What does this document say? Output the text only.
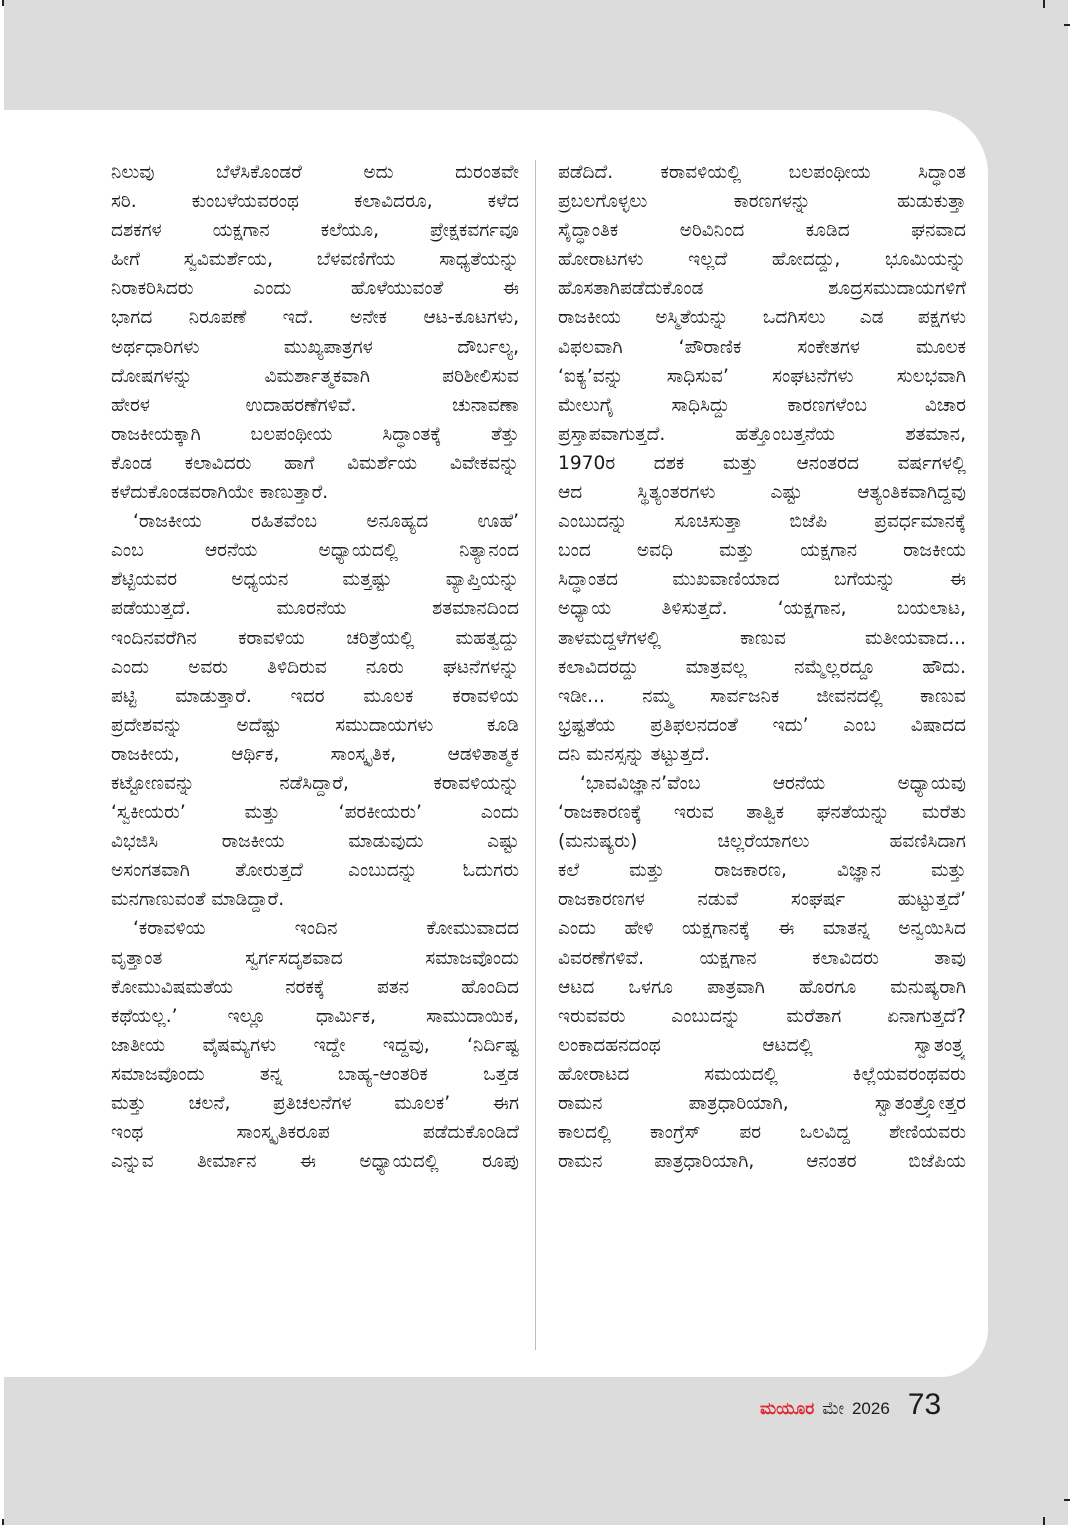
ನಿಲುವು ಬೆಳೆಸಿಕೊಂಡರೆ ಅದು ದುರಂತವೇ
ಸರಿ. ಕುಂಬಳೆಯವರಂಥ ಕಲಾವಿದರೂ, ಕಳೆದ
ದಶಕಗಳ ಯಕ್ಷಗಾನ ಕಲೆಯೂ, ಪ್ರೇಕ್ಷಕವರ್ಗವೂ
ಹೀಗೆ ಸ್ವವಿಮರ್ಶೆಯ, ಬೆಳವಣಿಗೆಯ ಸಾಧ್ಯತೆಯನ್ನು
ನಿರಾಕರಿಸಿದರು ಎಂದು ಹೊಳೆಯುವಂತೆ ಈ
ಭಾಗದ ನಿರೂಪಣೆ ಇದೆ. ಅನೇಕ ಆಟ-ಕೂಟಗಳು,
ಅರ್ಥಧಾರಿಗಳು ಮುಖ್ಯಪಾತ್ರಗಳ ದೌರ್ಬಲ್ಯ,
ದೋಷಗಳನ್ನು ವಿಮರ್ಶಾತ್ಮಕವಾಗಿ ಪರಿಶೀಲಿಸುವ
ಹೇರಳ ಉದಾಹರಣೆಗಳಿವೆ. ಚುನಾವಣಾ
ರಾಜಕೀಯಕ್ಕಾಗಿ ಬಲಪಂಥೀಯ ಸಿದ್ಧಾಂತಕ್ಕೆ ತೆತ್ತು
ಕೊಂಡ ಕಲಾವಿದರು ಹಾಗೆ ವಿಮರ್ಶೆಯ ವಿವೇಕವನ್ನು
ಕಳೆದುಕೊಂಡವರಾಗಿಯೇ ಕಾಣುತ್ತಾರೆ.
‘ರಾಜಕೀಯ ರಹಿತವೆಂಬ ಅನೂಹ್ಯದ ಊಹೆ’
ಎಂಬ ಆರನೆಯ ಅಧ್ಯಾಯದಲ್ಲಿ ನಿತ್ಯಾನಂದ
ಶೆಟ್ಟಿಯವರ ಅಧ್ಯಯನ ಮತ್ತಷ್ಟು ವ್ಯಾಪ್ತಿಯನ್ನು
ಪಡೆಯುತ್ತದೆ. ಮೂರನೆಯ ಶತಮಾನದಿಂದ
ಇಂದಿನವರೆಗಿನ ಕರಾವಳಿಯ ಚರಿತ್ರೆಯಲ್ಲಿ ಮಹತ್ವದ್ದು
ಎಂದು ಅವರು ತಿಳಿದಿರುವ ನೂರು ಘಟನೆಗಳನ್ನು
ಪಟ್ಟಿ ಮಾಡುತ್ತಾರೆ. ಇದರ ಮೂಲಕ ಕರಾವಳಿಯ
ಪ್ರದೇಶವನ್ನು ಅದೆಷ್ಟು ಸಮುದಾಯಗಳು ಕೂಡಿ
ರಾಜಕೀಯ, ಆರ್ಥಿಕ, ಸಾಂಸ್ಕೃತಿಕ, ಆಡಳಿತಾತ್ಮಕ
ಕಟ್ಟೋಣವನ್ನು ನಡೆಸಿದ್ದಾರೆ, ಕರಾವಳಿಯನ್ನು
‘ಸ್ವಕೀಯರು’ ಮತ್ತು ‘ಪರಕೀಯರು’ ಎಂದು
ವಿಭಜಿಸಿ ರಾಜಕೀಯ ಮಾಡುವುದು ಎಷ್ಟು
ಅಸಂಗತವಾಗಿ ತೋರುತ್ತದೆ ಎಂಬುದನ್ನು ಓದುಗರು
ಮನಗಾಣುವಂತೆ ಮಾಡಿದ್ದಾರೆ.
‘ಕರಾವಳಿಯ ಇಂದಿನ ಕೋಮುವಾದದ
ವೃತ್ತಾಂತ ಸ್ವರ್ಗಸದೃಶವಾದ ಸಮಾಜವೊಂದು
ಕೋಮುವಿಷಮತೆಯ ನರಕಕ್ಕೆ ಪತನ ಹೊಂದಿದ
ಕಥೆಯಲ್ಲ.’ ಇಲ್ಲೂ ಧಾರ್ಮಿಕ, ಸಾಮುದಾಯಿಕ,
ಜಾತೀಯ ವೈಷಮ್ಯಗಳು ಇದ್ದೇ ಇದ್ದವು, ‘ನಿರ್ದಿಷ್ಟ
ಸಮಾಜವೊಂದು ತನ್ನ ಬಾಹ್ಯ-ಆಂತರಿಕ ಒತ್ತಡ
ಮತ್ತು ಚಲನೆ, ಪ್ರತಿಚಲನೆಗಳ ಮೂಲಕ’ ಈಗ
ಇಂಥ ಸಾಂಸ್ಕೃತಿಕರೂಪ ಪಡೆದುಕೊಂಡಿದೆ
ಎನ್ನುವ ತೀರ್ಮಾನ ಈ ಅಧ್ಯಾಯದಲ್ಲಿ ರೂಪು
ಪಡೆದಿದೆ. ಕರಾವಳಿಯಲ್ಲಿ ಬಲಪಂಥೀಯ ಸಿದ್ಧಾಂತ
ಪ್ರಬಲಗೊಳ್ಳಲು ಕಾರಣಗಳನ್ನು ಹುಡುಕುತ್ತಾ
ಸೈದ್ಧಾಂತಿಕ ಅರಿವಿನಿಂದ ಕೂಡಿದ ಘನವಾದ
ಹೋರಾಟಗಳು ಇಲ್ಲದೆ ಹೋದದ್ದು, ಭೂಮಿಯನ್ನು
ಹೊಸತಾಗಿಪಡೆದುಕೊಂಡ ಶೂದ್ರಸಮುದಾಯಗಳಿಗೆ
ರಾಜಕೀಯ ಅಸ್ಮಿತೆಯನ್ನು ಒದಗಿಸಲು ಎಡ ಪಕ್ಷಗಳು
ವಿಫಲವಾಗಿ ‘ಪೌರಾಣಿಕ ಸಂಕೇತಗಳ ಮೂಲಕ
‘ಐಕ್ಯ’ವನ್ನು ಸಾಧಿಸುವ’ ಸಂಘಟನೆಗಳು ಸುಲಭವಾಗಿ
ಮೇಲುಗೈ ಸಾಧಿಸಿದ್ದು ಕಾರಣಗಳೆಂಬ ವಿಚಾರ
ಪ್ರಸ್ತಾಪವಾಗುತ್ತದೆ. ಹತ್ತೊಂಬತ್ತನೆಯ ಶತಮಾನ,
1970ರ ದಶಕ ಮತ್ತು ಆನಂತರದ ವರ್ಷಗಳಲ್ಲಿ
ಆದ ಸ್ಥಿತ್ಯಂತರಗಳು ಎಷ್ಟು ಆತ್ಯಂತಿಕವಾಗಿದ್ದವು
ಎಂಬುದನ್ನು ಸೂಚಿಸುತ್ತಾ ಬಿಜೆಪಿ ಪ್ರವರ್ಧಮಾನಕ್ಕೆ
ಬಂದ ಅವಧಿ ಮತ್ತು ಯಕ್ಷಗಾನ ರಾಜಕೀಯ
ಸಿದ್ಧಾಂತದ ಮುಖವಾಣಿಯಾದ ಬಗೆಯನ್ನು ಈ
ಅಧ್ಯಾಯ ತಿಳಿಸುತ್ತದೆ. ‘ಯಕ್ಷಗಾನ, ಬಯಲಾಟ,
ತಾಳಮದ್ದಳೆಗಳಲ್ಲಿ ಕಾಣುವ ಮತೀಯವಾದ...
ಕಲಾವಿದರದ್ದು ಮಾತ್ರವಲ್ಲ ನಮ್ಮೆಲ್ಲರದ್ದೂ ಹೌದು.
ಇಡೀ... ನಮ್ಮ ಸಾರ್ವಜನಿಕ ಜೀವನದಲ್ಲಿ ಕಾಣುವ
ಭ್ರಷ್ಟತೆಯ ಪ್ರತಿಫಲನದಂತೆ ಇದು’ ಎಂಬ ವಿಷಾದದ
ದನಿ ಮನಸ್ಸನ್ನು ತಟ್ಟುತ್ತದೆ.
‘ಭಾವವಿಜ್ಞಾನ’ವೆಂಬ ಆರನೆಯ ಅಧ್ಯಾಯವು
‘ರಾಜಕಾರಣಕ್ಕೆ ಇರುವ ತಾತ್ವಿಕ ಘನತೆಯನ್ನು ಮರೆತು
(ಮನುಷ್ಯರು) ಚಿಲ್ಲರೆಯಾಗಲು ಹವಣಿಸಿದಾಗ
ಕಲೆ ಮತ್ತು ರಾಜಕಾರಣ, ವಿಜ್ಞಾನ ಮತ್ತು
ರಾಜಕಾರಣಗಳ ನಡುವೆ ಸಂಘರ್ಷ ಹುಟ್ಟುತ್ತದೆ’
ಎಂದು ಹೇಳಿ ಯಕ್ಷಗಾನಕ್ಕೆ ಈ ಮಾತನ್ನ ಅನ್ವಯಿಸಿದ
ವಿವರಣೆಗಳಿವೆ. ಯಕ್ಷಗಾನ ಕಲಾವಿದರು ತಾವು
ಆಟದ ಒಳಗೂ ಪಾತ್ರವಾಗಿ ಹೊರಗೂ ಮನುಷ್ಯರಾಗಿ
ಇರುವವರು ಎಂಬುದನ್ನು ಮರೆತಾಗ ಏನಾಗುತ್ತದೆ?
ಲಂಕಾದಹನದಂಥ ಆಟದಲ್ಲಿ ಸ್ವಾತಂತ್ರ್ಯ
ಹೋರಾಟದ ಸಮಯದಲ್ಲಿ ಕಿಲ್ಲೆಯವರಂಥವರು
ರಾಮನ ಪಾತ್ರಧಾರಿಯಾಗಿ, ಸ್ವಾತಂತ್ರ್ಯೋತ್ತರ
ಕಾಲದಲ್ಲಿ ಕಾಂಗ್ರೆಸ್ ಪರ ಒಲವಿದ್ದ ಶೇಣಿಯವರು
ರಾಮನ ಪಾತ್ರಧಾರಿಯಾಗಿ, ಆನಂತರ ಬಿಜೆಪಿಯ
ಮಯೂರ ಮೇ 2026 73
